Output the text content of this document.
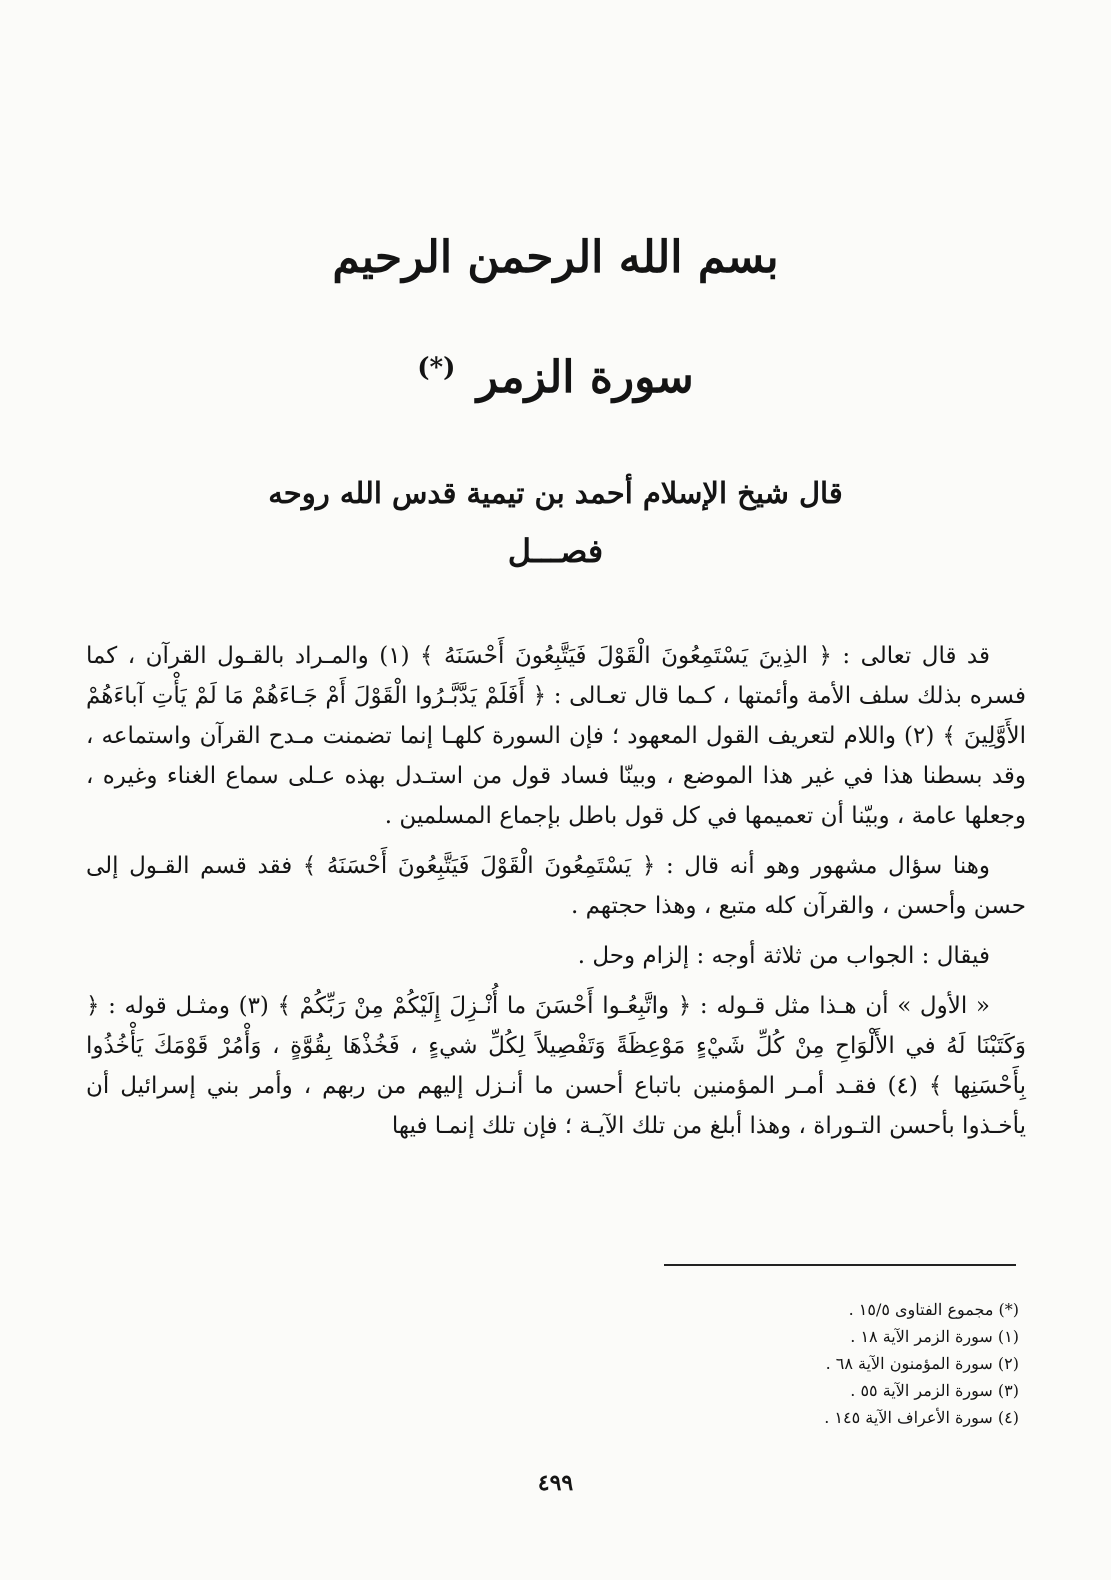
بسم الله الرحمن الرحيم
سورة الزمر (*)
قال شيخ الإسلام أحمد بن تيمية قدس الله روحه
فصـــل

قد قال تعالى : ﴿ الذِينَ يَسْتَمِعُونَ الْقَوْلَ فَيَتَّبِعُونَ أَحْسَنَهُ ﴾ (١) والمـراد بالقـول القرآن ، كما فسره بذلك سلف الأمة وأئمتها ، كـما قال تعـالى : ﴿ أَفَلَمْ يَدَّبَّـرُوا الْقَوْلَ أَمْ جَـاءَهُمْ مَا لَمْ يَأْتِ آباءَهُمْ الأَوَّلِينَ ﴾ (٢) واللام لتعريف القول المعهود ؛ فإن السورة كلهـا إنما تضمنت مـدح القرآن واستماعه ، وقد بسطنا هذا في غير هذا الموضع ، وبينّا فساد قول من استـدل بهذه عـلى سماع الغناء وغيره ، وجعلها عامة ، وبيّنا أن تعميمها في كل قول باطل بإجماع المسلمين .

وهنا سؤال مشهور وهو أنه قال : ﴿ يَسْتَمِعُونَ الْقَوْلَ فَيَتَّبِعُونَ أَحْسَنَهُ ﴾ فقد قسم القـول إلى حسن وأحسن ، والقرآن كله متبع ، وهذا حجتهم .

فيقال : الجواب من ثلاثة أوجه : إلزام وحل .

« الأول » أن هـذا مثل قـوله : ﴿ واتَّبِعُـوا أَحْسَنَ ما أُنْـزِلَ إِلَيْكُمْ مِنْ رَبِّكُمْ ﴾ (٣) ومثـل قوله : ﴿ وَكَتَبْنَا لَهُ في الأَلْوَاحِ مِنْ كُلِّ شَيْءٍ مَوْعِظَةً وَتَفْصِيلاً لِكُلِّ شيءٍ ، فَخُذْهَا بِقُوَّةٍ ، وَأْمُرْ قَوْمَكَ يَأْخُذُوا بِأَحْسَنِها ﴾ (٤) فقـد أمـر المؤمنين باتباع أحسن ما أنـزل إليهم من ربهم ، وأمر بني إسرائيل أن يأخـذوا بأحسن التـوراة ، وهذا أبلغ من تلك الآيـة ؛ فإن تلك إنمـا فيها

(*) مجموع الفتاوى ١٥/٥ .
(١) سورة الزمر الآية ١٨ .
(٢) سورة المؤمنون الآية ٦٨ .
(٣) سورة الزمر الآية ٥٥ .
(٤) سورة الأعراف الآية ١٤٥ .
٤٩٩
